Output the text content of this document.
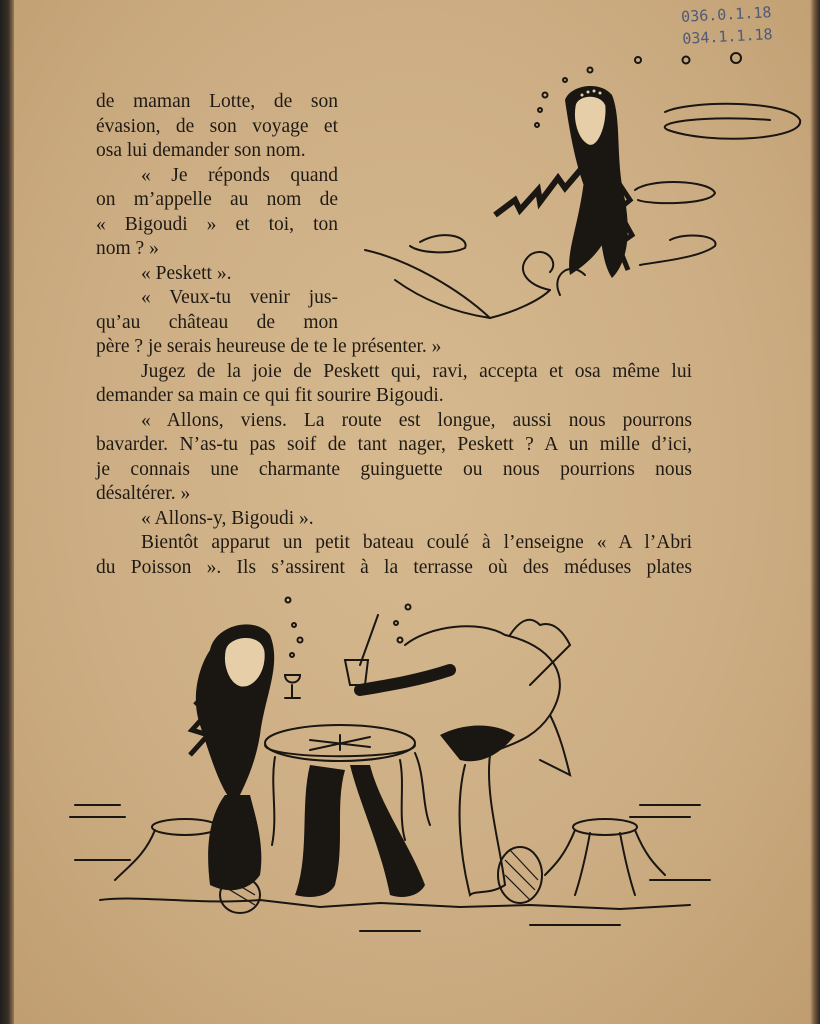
036.0.1.18
034.1.1.18
de maman Lotte, de son
évasion, de son voyage et
osa lui demander son nom.
« Je réponds quand
on m’appelle au nom de
« Bigoudi » et toi, ton
nom ? »
« Peskett ».
« Veux-tu venir jus-
qu’au château de mon
père ? je serais heureuse de te le présenter. »
Jugez de la joie de Peskett qui, ravi, accepta et osa même lui
demander sa main ce qui fit sourire Bigoudi.
« Allons, viens. La route est longue, aussi nous pourrons
bavarder. N’as-tu pas soif de tant nager, Peskett ? A un mille d’ici,
je connais une charmante guinguette ou nous pourrions nous
désaltérer. »
« Allons-y, Bigoudi ».
Bientôt apparut un petit bateau coulé à l’enseigne « A l’Abri
du Poisson ». Ils s’assirent à la terrasse où des méduses plates
